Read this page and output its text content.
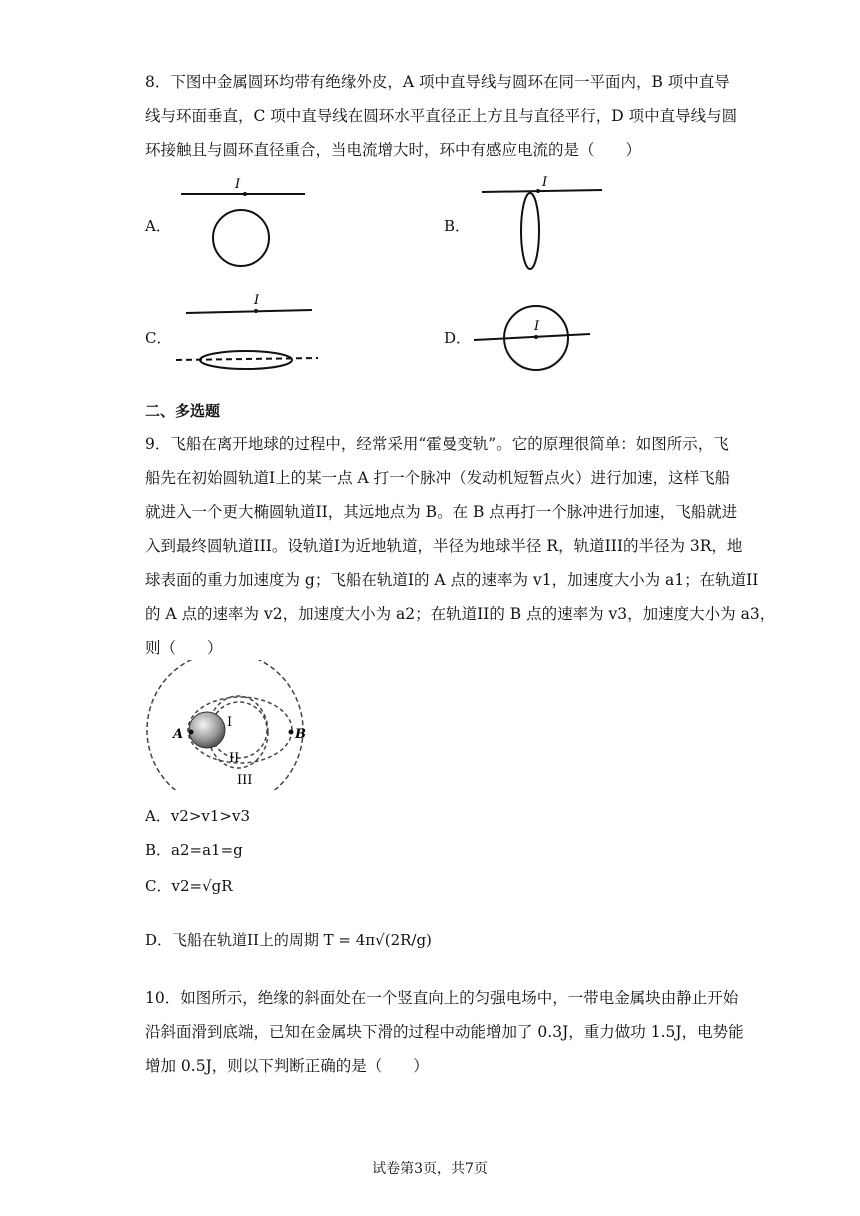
8．下图中金属圆环均带有绝缘外皮，A 项中直导线与圆环在同一平面内，B 项中直导
线与环面垂直，C 项中直导线在圆环水平直径正上方且与直径平行，D 项中直导线与圆
环接触且与圆环直径重合，当电流增大时，环中有感应电流的是（　　）
A．	B．
C．	D．
I	I
I
I
二、多选题
9．飞船在离开地球的过程中，经常采用“霍曼变轨”。它的原理很简单：如图所示，飞
船先在初始圆轨道I上的某一点 A 打一个脉冲（发动机短暂点火）进行加速，这样飞船
就进入一个更大椭圆轨道II，其远地点为 B。在 B 点再打一个脉冲进行加速，飞船就进
入到最终圆轨道III。设轨道I为近地轨道，半径为地球半径 R，轨道III的半径为 3R，地
球表面的重力加速度为 g；飞船在轨道I的 A 点的速率为 v1，加速度大小为 a1；在轨道II
的 A 点的速率为 v2，加速度大小为 a2；在轨道II的 B 点的速率为 v3，加速度大小为 a3，
则（　　）
A	B
I
II
III
A．v2>v1>v3
B．a2=a1=g
C．v2=√gR
D．飞船在轨道II上的周期 T = 4π√(2R/g)
10．如图所示，绝缘的斜面处在一个竖直向上的匀强电场中，一带电金属块由静止开始
沿斜面滑到底端，已知在金属块下滑的过程中动能增加了 0.3J，重力做功 1.5J，电势能
增加 0.5J，则以下判断正确的是（　　）
试卷第3页，共7页
